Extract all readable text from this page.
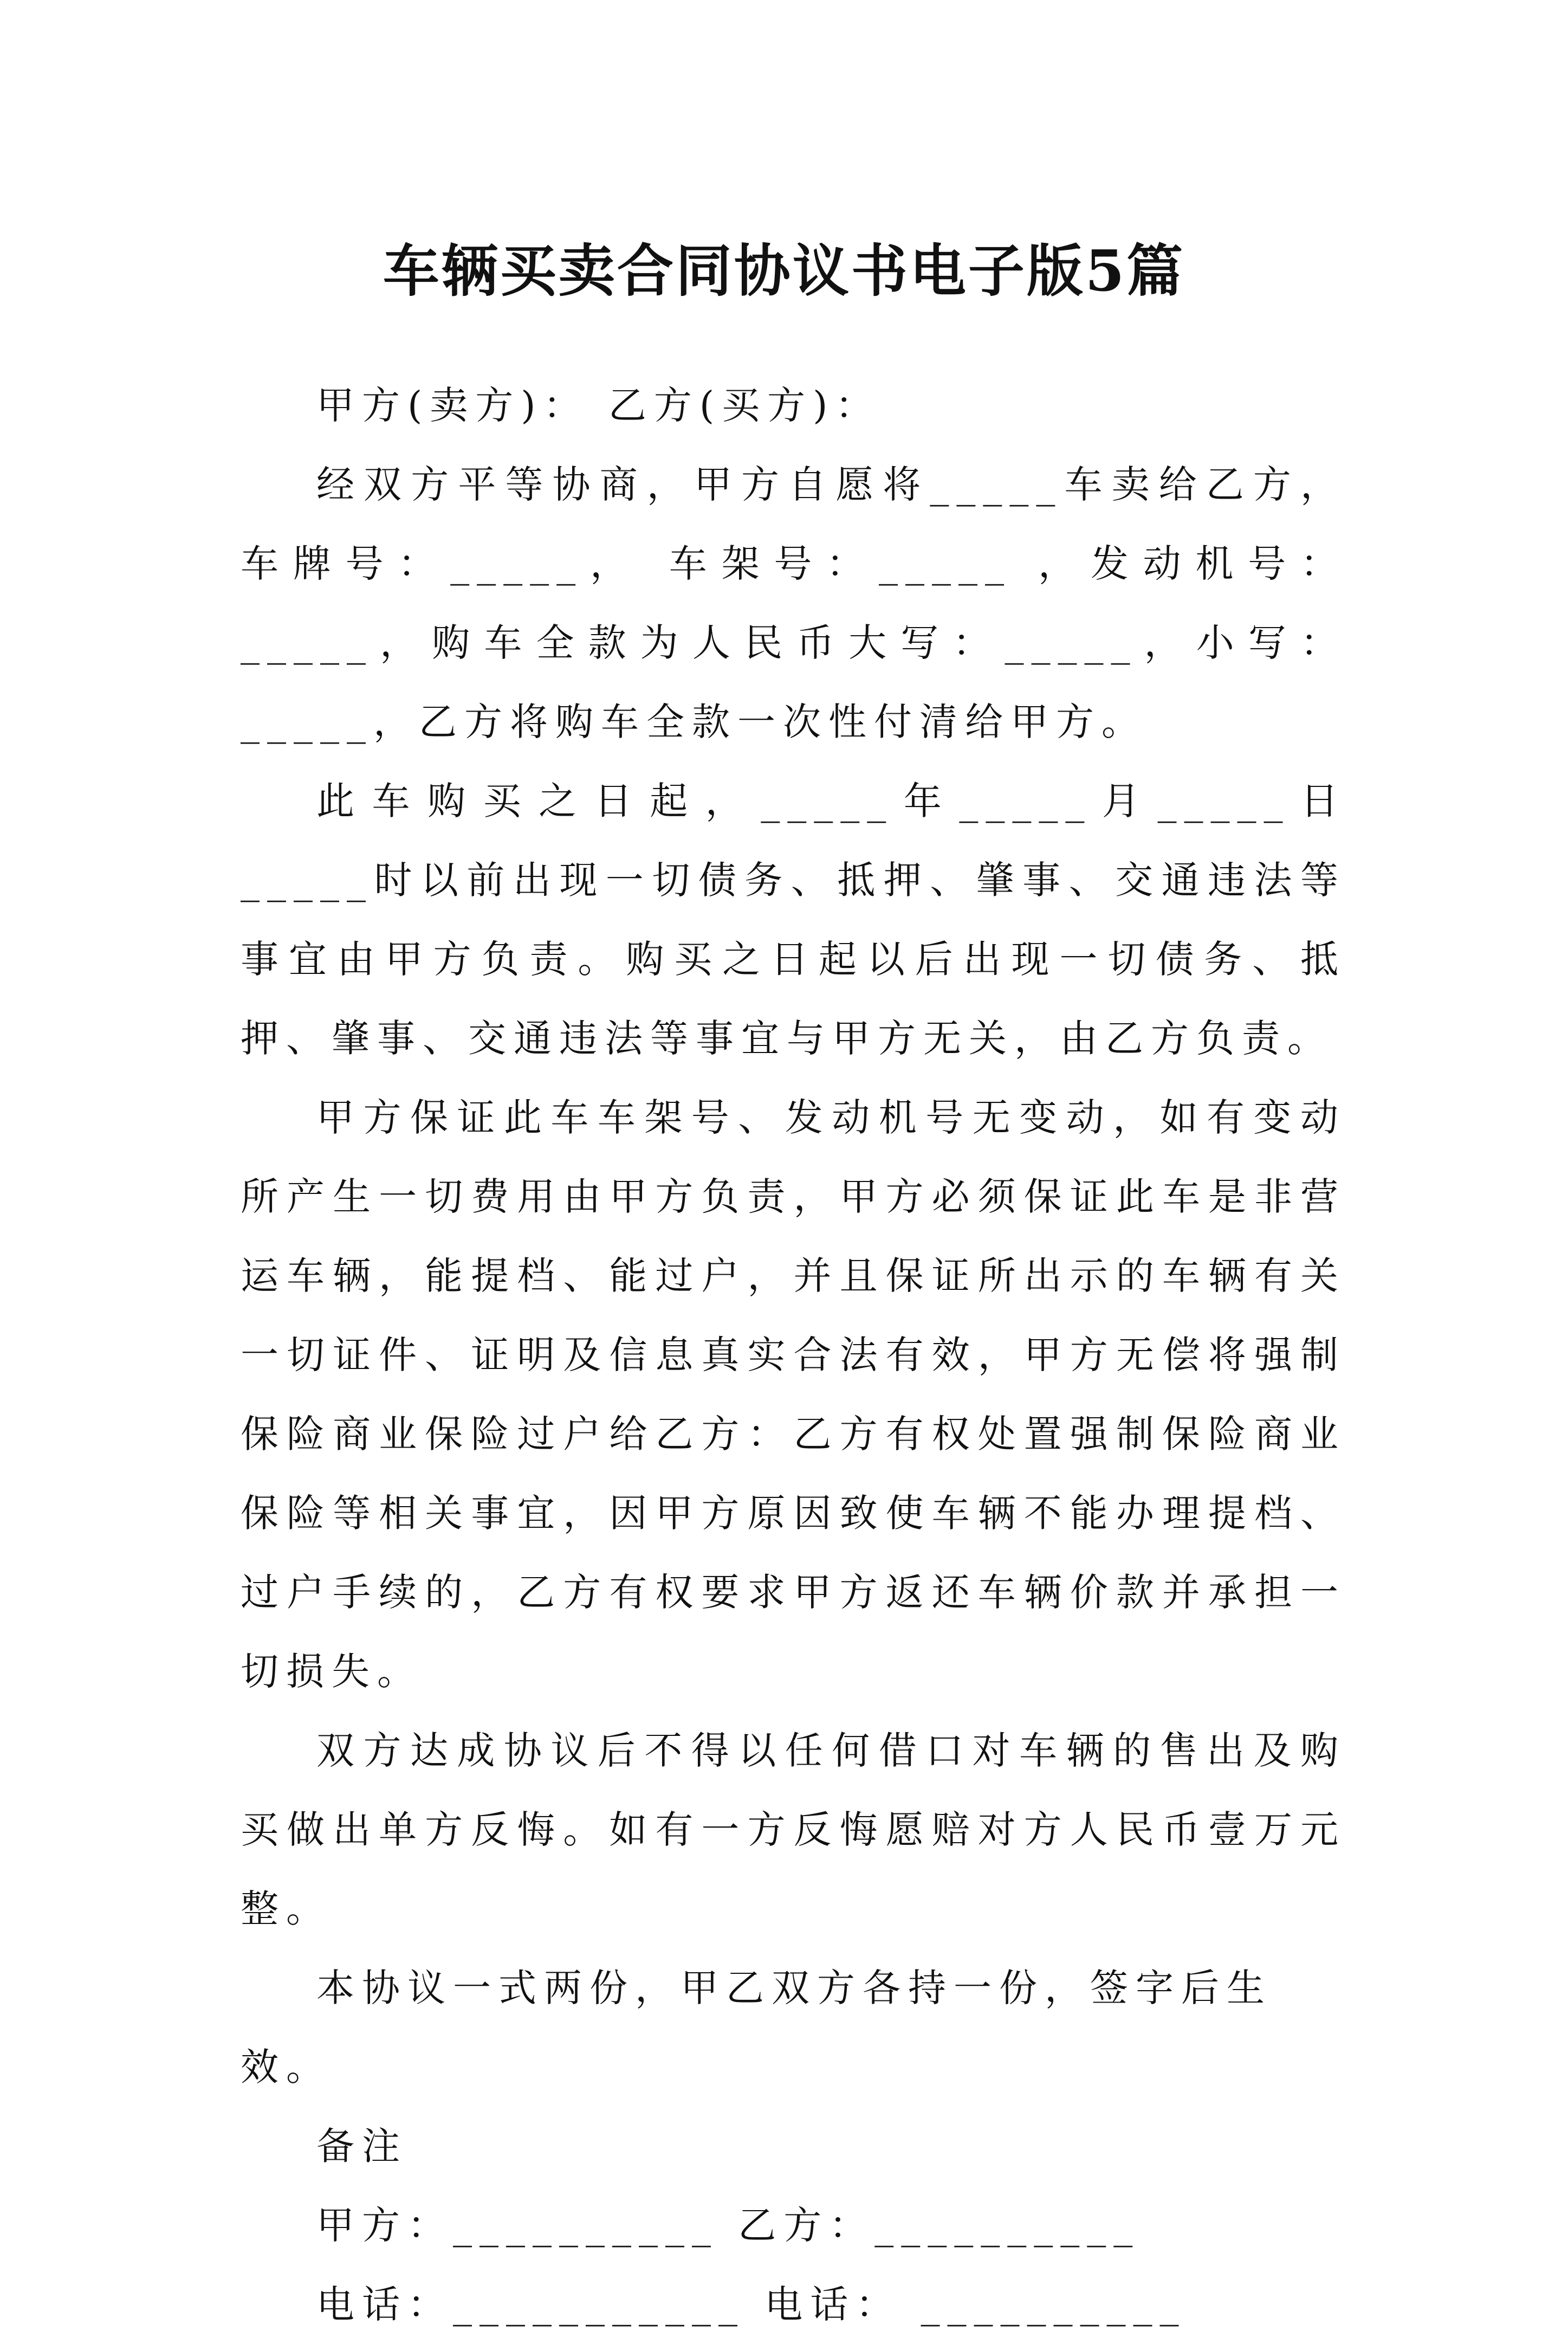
车辆买卖合同协议书电子版5篇

甲方(卖方)： 乙方(买方)：

经双方平等协商，甲方自愿将_____车卖给乙方，车牌号：_____， 车架号：_____ ，发动机号：_____，购车全款为人民币大写：_____，小写：_____，乙方将购车全款一次性付清给甲方。

此车购买之日起，_____年_____月_____日_____时以前出现一切债务、抵押、肇事、交通违法等事宜由甲方负责。购买之日起以后出现一切债务、抵押、肇事、交通违法等事宜与甲方无关，由乙方负责。

甲方保证此车车架号、发动机号无变动，如有变动所产生一切费用由甲方负责，甲方必须保证此车是非营运车辆，能提档、能过户，并且保证所出示的车辆有关一切证件、证明及信息真实合法有效，甲方无偿将强制保险商业保险过户给乙方：乙方有权处置强制保险商业保险等相关事宜，因甲方原因致使车辆不能办理提档、过户手续的，乙方有权要求甲方返还车辆价款并承担一切损失。

双方达成协议后不得以任何借口对车辆的售出及购买做出单方反悔。如有一方反悔愿赔对方人民币壹万元整。

本协议一式两份，甲乙双方各持一份，签字后生效。

备注

甲方：__________ 乙方：__________

电话：___________ 电话： __________
